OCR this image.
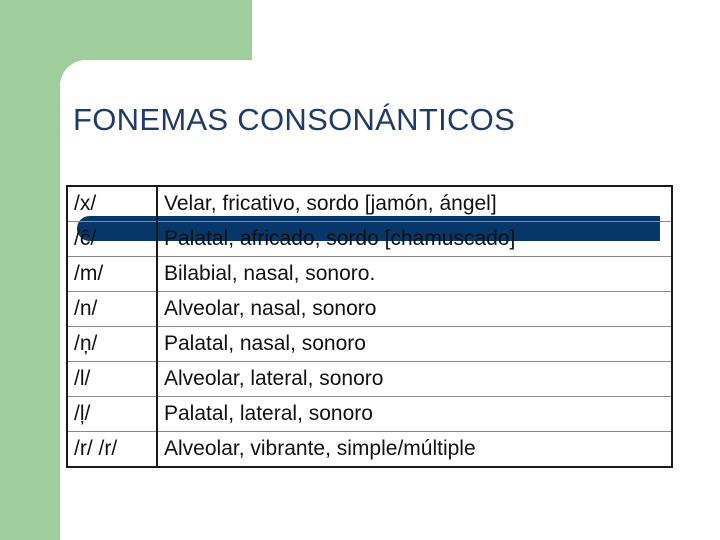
FONEMAS CONSONÁNTICOS
/x/	Velar, fricativo, sordo [jamón, ángel]
/ĉ/	Palatal, africado, sordo [chamuscado]
/m/	Bilabial, nasal, sonoro.
/n/	Alveolar, nasal, sonoro
/ņ/	Palatal, nasal, sonoro
/l/	Alveolar, lateral, sonoro
/ļ/	Palatal, lateral, sonoro
/r/ /r/	Alveolar, vibrante, simple/múltiple
